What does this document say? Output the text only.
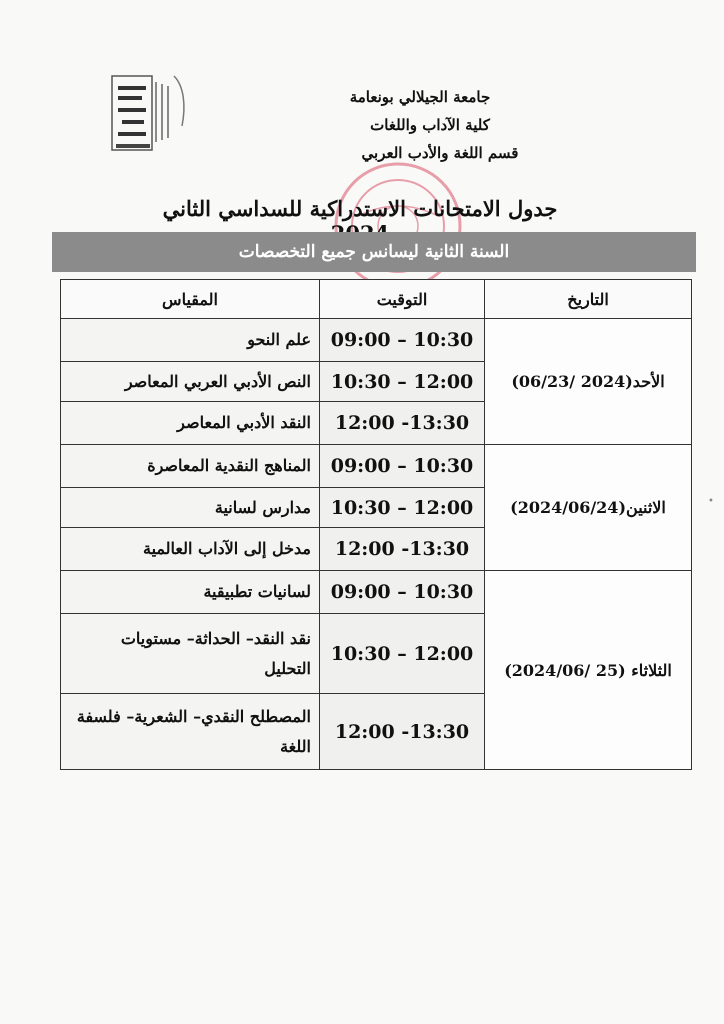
جامعة الجيلالي بونعامة
كلية الآداب واللغات
قسم اللغة والأدب العربي
جدول الامتحانات الاستدراكية للسداسي الثاني
السنة الثانية ليسانس جميع التخصصات
التاريخ	التوقيت	المقياس
الأحد(2024 /06/23)	09:00 – 10:30	علم النحو
	10:30 – 12:00	النص الأدبي العربي المعاصر
	12:00 -13:30	النقد الأدبي المعاصر
الاثنين(2024/06/24)	09:00 – 10:30	المناهج النقدية المعاصرة
	10:30 – 12:00	مدارس لسانية
	12:00 -13:30	مدخل إلى الآداب العالمية
الثلاثاء (25 /2024/06)	09:00 – 10:30	لسانيات تطبيقية
	10:30 – 12:00	نقد النقد– الحداثة– مستويات التحليل
	12:00 -13:30	المصطلح النقدي– الشعرية– فلسفة اللغة
•
